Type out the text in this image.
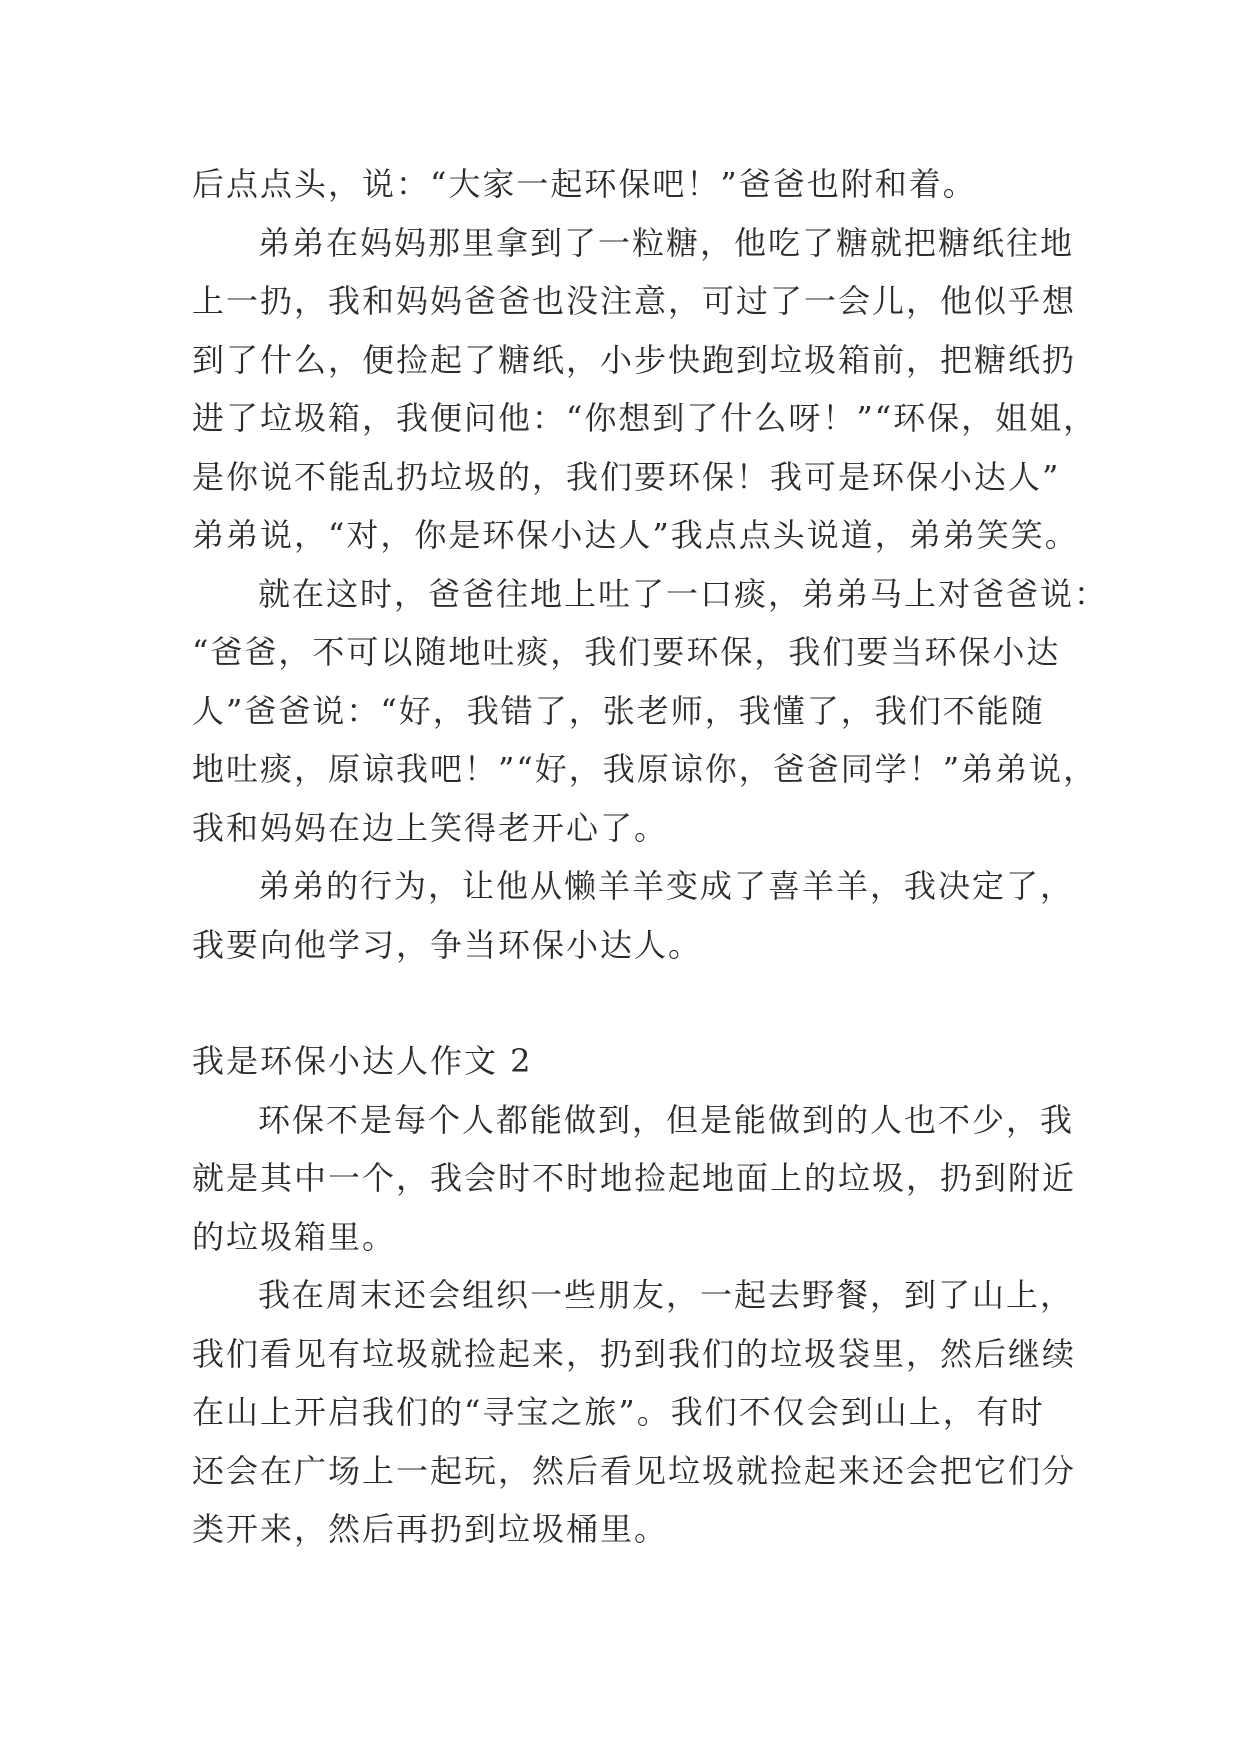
后点点头，说：“大家一起环保吧！”爸爸也附和着。
弟弟在妈妈那里拿到了一粒糖，他吃了糖就把糖纸往地
上一扔，我和妈妈爸爸也没注意，可过了一会儿，他似乎想
到了什么，便捡起了糖纸，小步快跑到垃圾箱前，把糖纸扔
进了垃圾箱，我便问他：“你想到了什么呀！”“环保，姐姐，
是你说不能乱扔垃圾的，我们要环保！我可是环保小达人”
弟弟说，“对，你是环保小达人”我点点头说道，弟弟笑笑。
就在这时，爸爸往地上吐了一口痰，弟弟马上对爸爸说：
“爸爸，不可以随地吐痰，我们要环保，我们要当环保小达
人”爸爸说：“好，我错了，张老师，我懂了，我们不能随
地吐痰，原谅我吧！”“好，我原谅你，爸爸同学！”弟弟说，
我和妈妈在边上笑得老开心了。
弟弟的行为，让他从懒羊羊变成了喜羊羊，我决定了，
我要向他学习，争当环保小达人。
我是环保小达人作文 2
环保不是每个人都能做到，但是能做到的人也不少，我
就是其中一个，我会时不时地捡起地面上的垃圾，扔到附近
的垃圾箱里。
我在周末还会组织一些朋友，一起去野餐，到了山上，
我们看见有垃圾就捡起来，扔到我们的垃圾袋里，然后继续
在山上开启我们的“寻宝之旅”。我们不仅会到山上，有时
还会在广场上一起玩，然后看见垃圾就捡起来还会把它们分
类开来，然后再扔到垃圾桶里。
